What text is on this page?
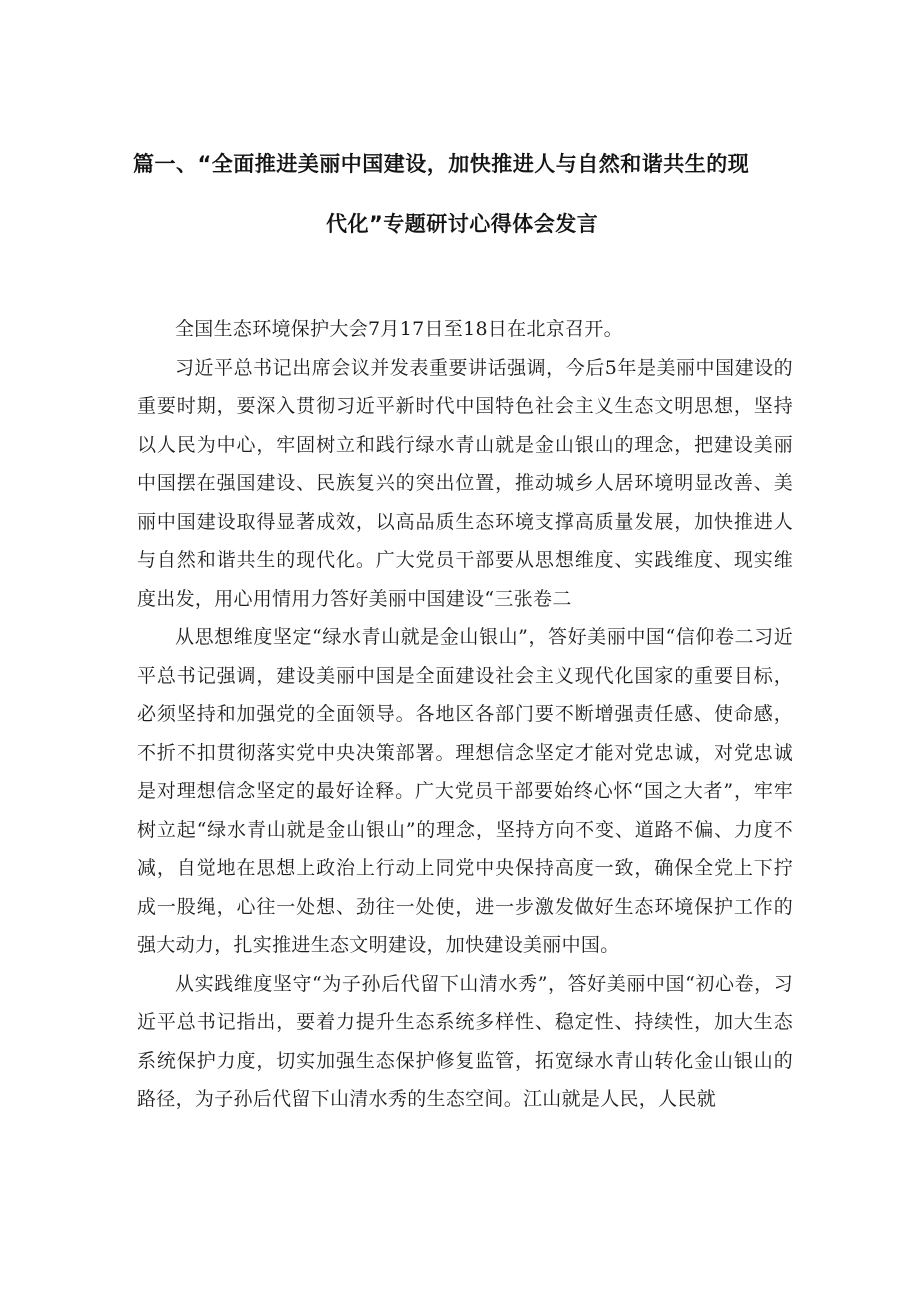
篇一、“全面推进美丽中国建设，加快推进人与自然和谐共生的现
代化”专题研讨心得体会发言

全国生态环境保护大会7月17日至18日在北京召开。

习近平总书记出席会议并发表重要讲话强调，今后5年是美丽中国建设的重要时期，要深入贯彻习近平新时代中国特色社会主义生态文明思想，坚持以人民为中心，牢固树立和践行绿水青山就是金山银山的理念，把建设美丽中国摆在强国建设、民族复兴的突出位置，推动城乡人居环境明显改善、美丽中国建设取得显著成效，以高品质生态环境支撑高质量发展，加快推进人与自然和谐共生的现代化。广大党员干部要从思想维度、实践维度、现实维度出发，用心用情用力答好美丽中国建设“三张卷二

从思想维度坚定“绿水青山就是金山银山”，答好美丽中国“信仰卷二习近平总书记强调，建设美丽中国是全面建设社会主义现代化国家的重要目标，必须坚持和加强党的全面领导。各地区各部门要不断增强责任感、使命感，不折不扣贯彻落实党中央决策部署。理想信念坚定才能对党忠诚，对党忠诚是对理想信念坚定的最好诠释。广大党员干部要始终心怀“国之大者”，牢牢树立起“绿水青山就是金山银山”的理念，坚持方向不变、道路不偏、力度不减，自觉地在思想上政治上行动上同党中央保持高度一致，确保全党上下拧成一股绳，心往一处想、劲往一处使，进一步激发做好生态环境保护工作的强大动力，扎实推进生态文明建设，加快建设美丽中国。

从实践维度坚守“为子孙后代留下山清水秀”，答好美丽中国“初心卷，习近平总书记指出，要着力提升生态系统多样性、稳定性、持续性，加大生态系统保护力度，切实加强生态保护修复监管，拓宽绿水青山转化金山银山的路径，为子孙后代留下山清水秀的生态空间。江山就是人民，人民就
